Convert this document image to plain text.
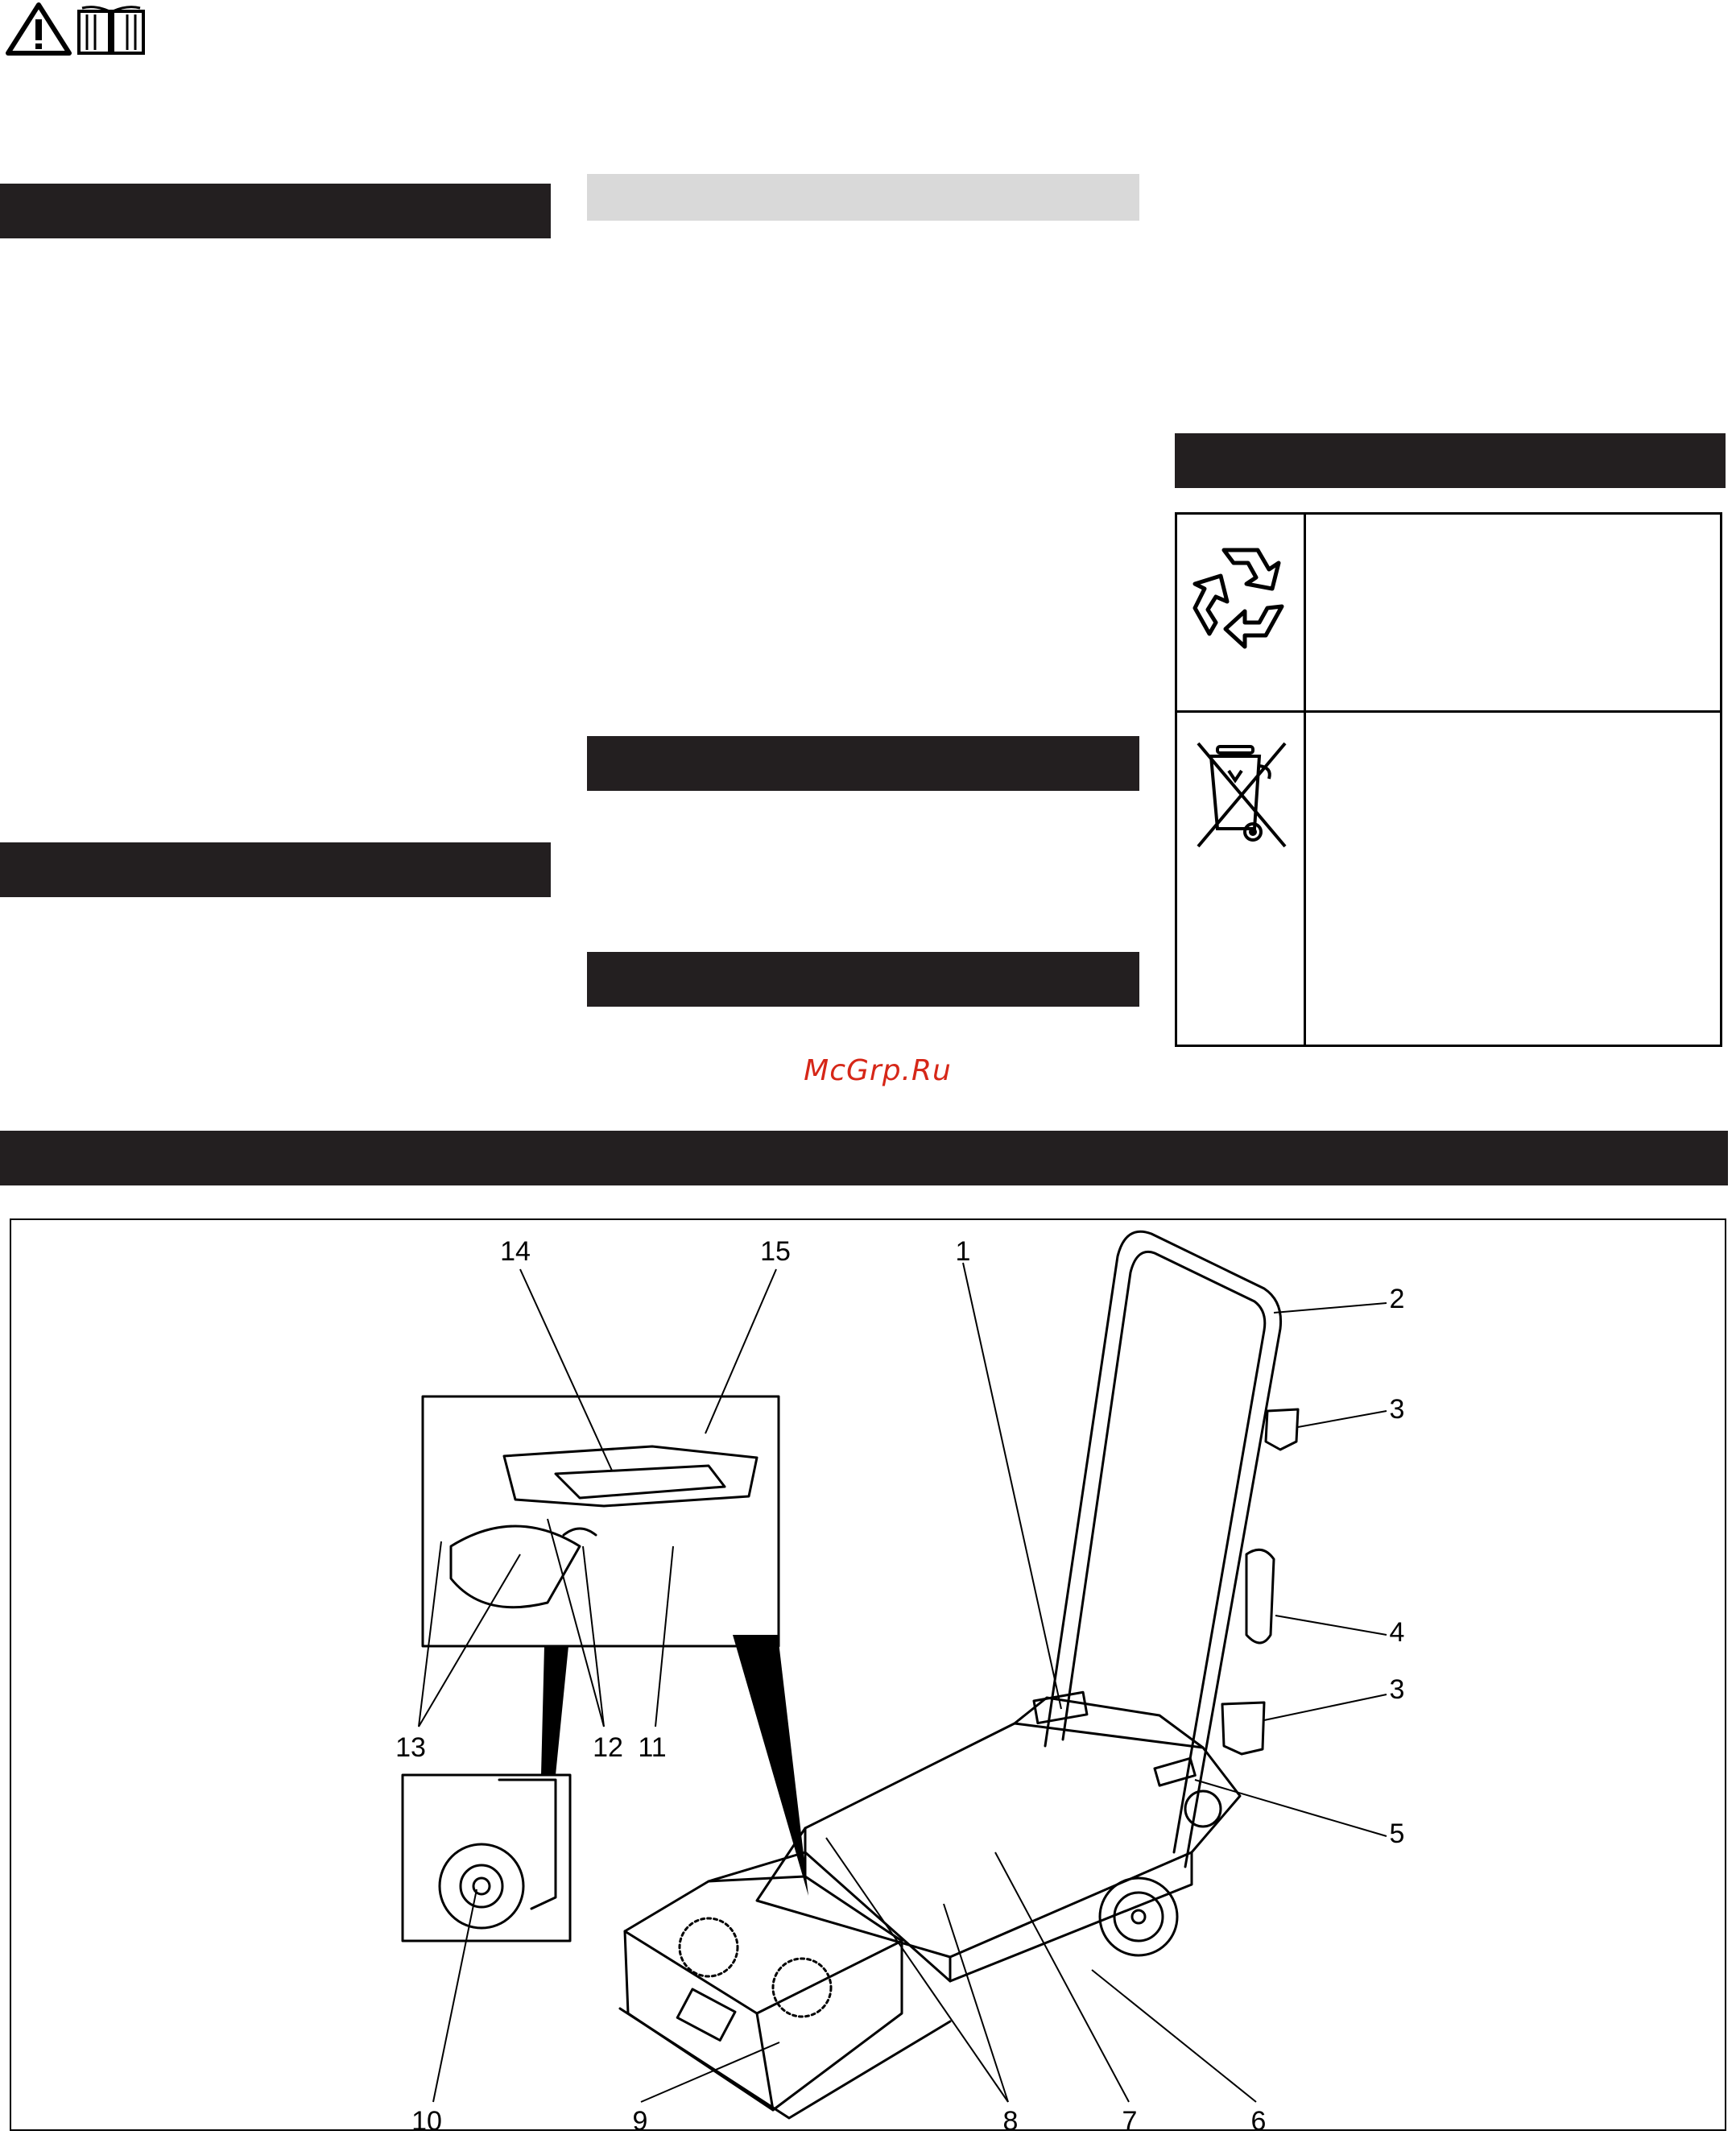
McGrp.Ru
1
2
3
4
3
5
6
7
8
9
10
11
12
13
14	15
